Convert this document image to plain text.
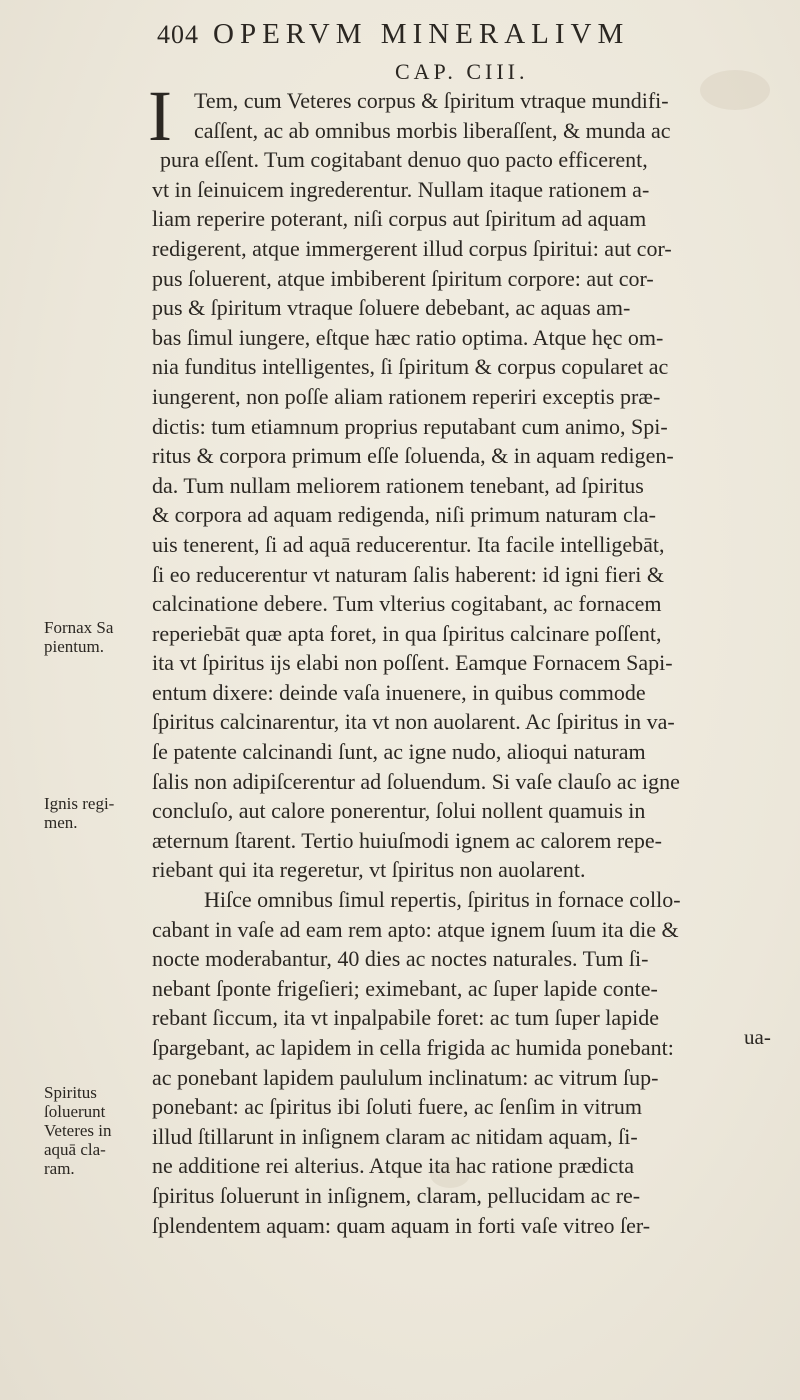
404 OPERVM MINERALIVM
CAP. CIII.
I	Tem, cum Veteres corpus & ſpiritum vtraque mundifi-
caſſent, ac ab omnibus morbis liberaſſent, & munda ac
pura eſſent. Tum cogitabant denuo quo pacto efficerent,
vt in ſeinuicem ingrederentur. Nullam itaque rationem a-
liam reperire poterant, niſi corpus aut ſpiritum ad aquam
redigerent, atque immergerent illud corpus ſpiritui: aut cor-
pus ſoluerent, atque imbiberent ſpiritum corpore: aut cor-
pus & ſpiritum vtraque ſoluere debebant, ac aquas am-
bas ſimul iungere, eſtque hæc ratio optima. Atque hęc om-
nia funditus intelligentes, ſi ſpiritum & corpus copularet ac
iungerent, non poſſe aliam rationem reperiri exceptis præ-
dictis: tum etiamnum proprius reputabant cum animo, Spi-
ritus & corpora primum eſſe ſoluenda, & in aquam redigen-
da. Tum nullam meliorem rationem tenebant, ad ſpiritus
& corpora ad aquam redigenda, niſi primum naturam cla-
uis tenerent, ſi ad aquā reducerentur. Ita facile intelligebāt,
ſi eo reducerentur vt naturam ſalis haberent: id igni fieri &
calcinatione debere. Tum vlterius cogitabant, ac fornacem
reperiebāt quæ apta foret, in qua ſpiritus calcinare poſſent,
ita vt ſpiritus ijs elabi non poſſent. Eamque Fornacem Sapi-
entum dixere: deinde vaſa inuenere, in quibus commode
ſpiritus calcinarentur, ita vt non auolarent. Ac ſpiritus in va-
ſe patente calcinandi ſunt, ac igne nudo, alioqui naturam
ſalis non adipiſcerentur ad ſoluendum. Si vaſe clauſo ac igne
concluſo, aut calore ponerentur, ſolui nollent quamuis in
æternum ſtarent. Tertio huiuſmodi ignem ac calorem repe-
riebant qui ita regeretur, vt ſpiritus non auolarent.
Hiſce omnibus ſimul repertis, ſpiritus in fornace collo-
cabant in vaſe ad eam rem apto: atque ignem ſuum ita die &
nocte moderabantur, 40 dies ac noctes naturales. Tum ſi-
nebant ſponte frigeſieri; eximebant, ac ſuper lapide conte-
rebant ſiccum, ita vt inpalpabile foret: ac tum ſuper lapide
ſpargebant, ac lapidem in cella frigida ac humida ponebant:
ac ponebant lapidem paululum inclinatum: ac vitrum ſup-
ponebant: ac ſpiritus ibi ſoluti fuere, ac ſenſim in vitrum
illud ſtillarunt in inſignem claram ac nitidam aquam, ſi-
ne additione rei alterius. Atque ita hac ratione prædicta
ſpiritus ſoluerunt in inſignem, claram, pellucidam ac re-
ſplendentem aquam: quam aquam in forti vaſe vitreo ſer-
ua-
Fornax Sa
pientum.
Ignis regi-
men.
Spiritus
ſoluerunt
Veteres in
aquā cla-
ram.
